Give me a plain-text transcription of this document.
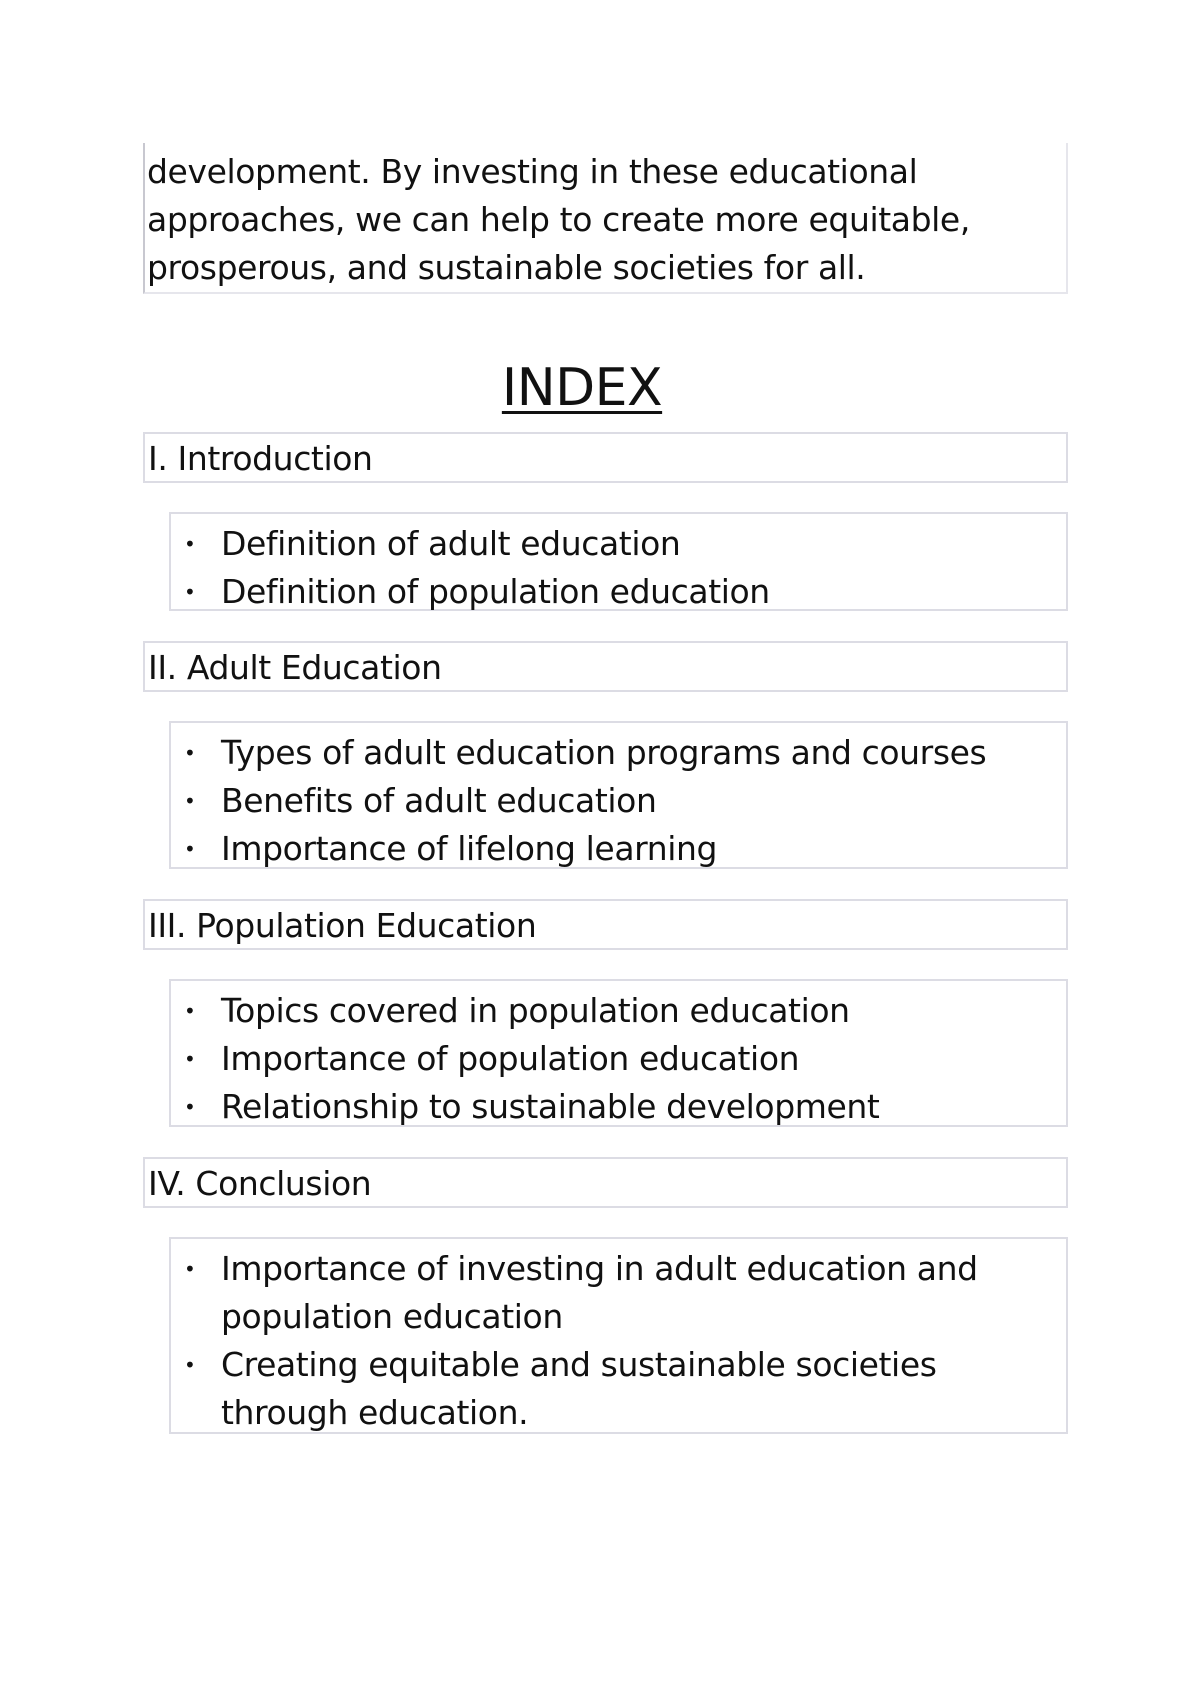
development. By investing in these educational
approaches, we can help to create more equitable,
prosperous, and sustainable societies for all.
INDEX
I. Introduction
• Definition of adult education
• Definition of population education
II. Adult Education
• Types of adult education programs and courses
• Benefits of adult education
• Importance of lifelong learning
III. Population Education
• Topics covered in population education
• Importance of population education
• Relationship to sustainable development
IV. Conclusion
• Importance of investing in adult education and population education
• Creating equitable and sustainable societies through education.
